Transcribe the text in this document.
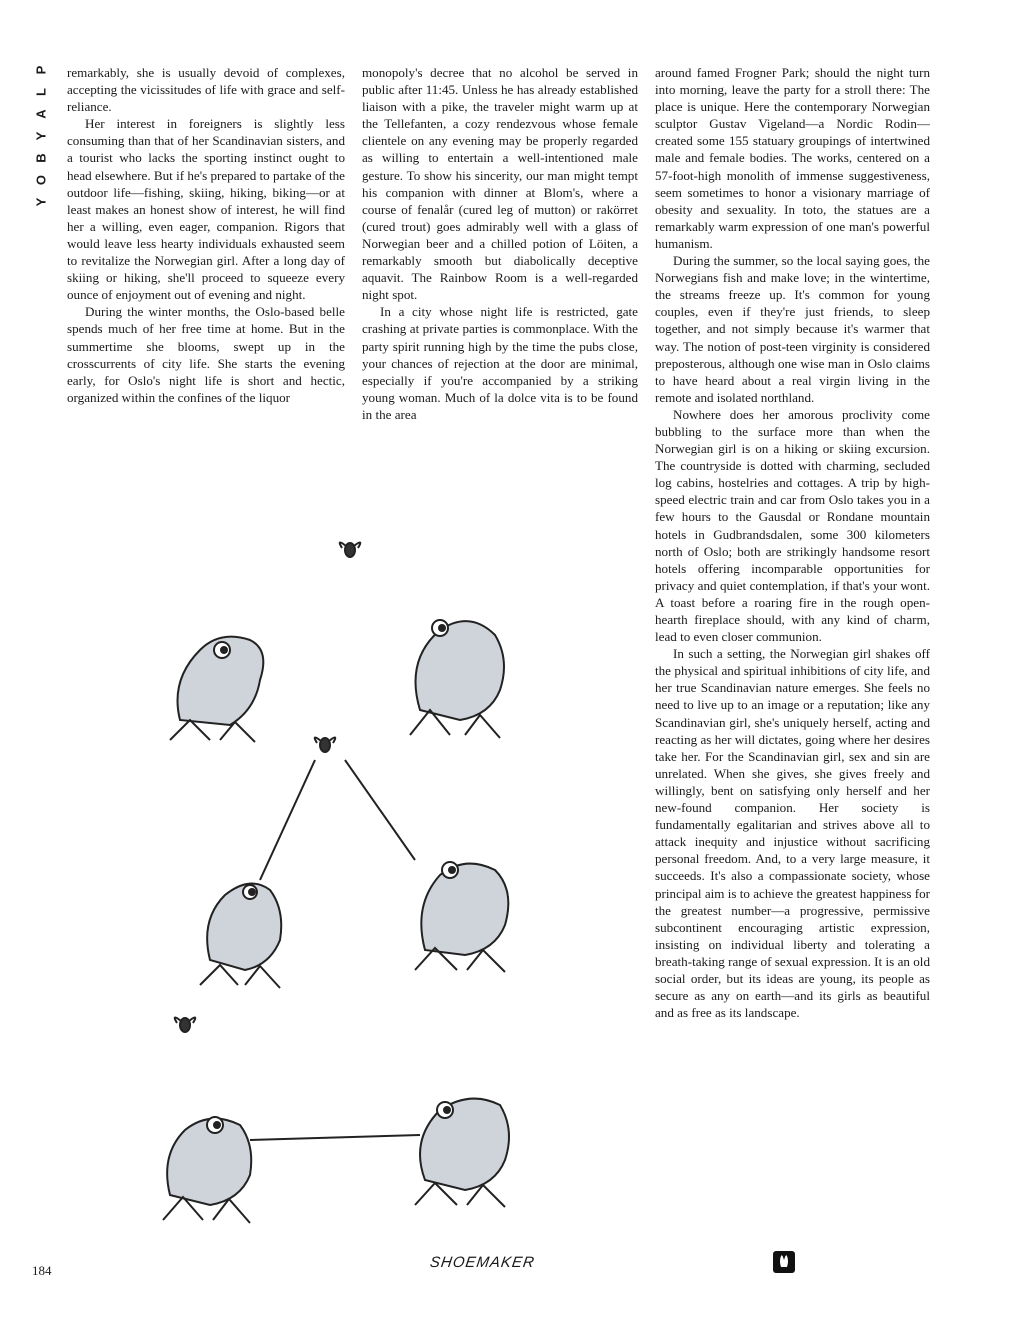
P
L
A
Y
B
O
Y

remarkably, she is usually devoid of complexes, accepting the vicissitudes of life with grace and self-reliance.

Her interest in foreigners is slightly less consuming than that of her Scandinavian sisters, and a tourist who lacks the sporting instinct ought to head elsewhere. But if he's prepared to partake of the outdoor life—fishing, skiing, hiking, biking—or at least makes an honest show of interest, he will find her a willing, even eager, companion. Rigors that would leave less hearty individuals exhausted seem to revitalize the Norwegian girl. After a long day of skiing or hiking, she'll proceed to squeeze every ounce of enjoyment out of evening and night.

During the winter months, the Oslo-based belle spends much of her free time at home. But in the summertime she blooms, swept up in the crosscurrents of city life. She starts the evening early, for Oslo's night life is short and hectic, organized within the confines of the liquor

monopoly's decree that no alcohol be served in public after 11:45. Unless he has already established liaison with a pike, the traveler might warm up at the Tellefanten, a cozy rendezvous whose female clientele on any evening may be properly regarded as willing to entertain a well-intentioned male gesture. To show his sincerity, our man might tempt his companion with dinner at Blom's, where a course of fenalår (cured leg of mutton) or rakörret (cured trout) goes admirably well with a glass of Norwegian beer and a chilled potion of Löiten, a remarkably smooth but diabolically deceptive aquavit. The Rainbow Room is a well-regarded night spot.

In a city whose night life is restricted, gate crashing at private parties is commonplace. With the party spirit running high by the time the pubs close, your chances of rejection at the door are minimal, especially if you're accompanied by a striking young woman. Much of la dolce vita is to be found in the area

around famed Frogner Park; should the night turn into morning, leave the party for a stroll there: The place is unique. Here the contemporary Norwegian sculptor Gustav Vigeland—a Nordic Rodin—created some 155 statuary groupings of intertwined male and female bodies. The works, centered on a 57-foot-high monolith of immense suggestiveness, seem sometimes to honor a visionary marriage of obesity and sexuality. In toto, the statues are a remarkably warm expression of one man's powerful humanism.

During the summer, so the local saying goes, the Norwegians fish and make love; in the wintertime, the streams freeze up. It's common for young couples, even if they're just friends, to sleep together, and not simply because it's warmer that way. The notion of post-teen virginity is considered preposterous, although one wise man in Oslo claims to have heard about a real virgin living in the remote and isolated northland.

Nowhere does her amorous proclivity come bubbling to the surface more than when the Norwegian girl is on a hiking or skiing excursion. The countryside is dotted with charming, secluded log cabins, hostelries and cottages. A trip by high-speed electric train and car from Oslo takes you in a few hours to the Gausdal or Rondane mountain hotels in Gudbrandsdalen, some 300 kilometers north of Oslo; both are strikingly handsome resort hotels offering incomparable opportunities for privacy and quiet contemplation, if that's your wont. A toast before a roaring fire in the rough open-hearth fireplace should, with any kind of charm, lead to even closer communion.

In such a setting, the Norwegian girl shakes off the physical and spiritual inhibitions of city life, and her true Scandinavian nature emerges. She feels no need to live up to an image or a reputation; like any Scandinavian girl, she's uniquely herself, acting and reacting as her will dictates, going where her desires take her. For the Scandinavian girl, sex and sin are unrelated. When she gives, she gives freely and willingly, bent on satisfying only herself and her new-found companion. Her society is fundamentally egalitarian and strives above all to attack inequity and injustice without sacrificing personal freedom. And, to a very large measure, it succeeds. It's also a compassionate society, whose principal aim is to achieve the greatest happiness for the greatest number—a progressive, permissive subcontinent encouraging artistic expression, insisting on individual liberty and tolerating a breath-taking range of sexual expression. It is an old social order, but its ideas are young, its people as secure as any on earth—and its girls as beautiful and as free as its landscape.

184	SHOEMAKER
